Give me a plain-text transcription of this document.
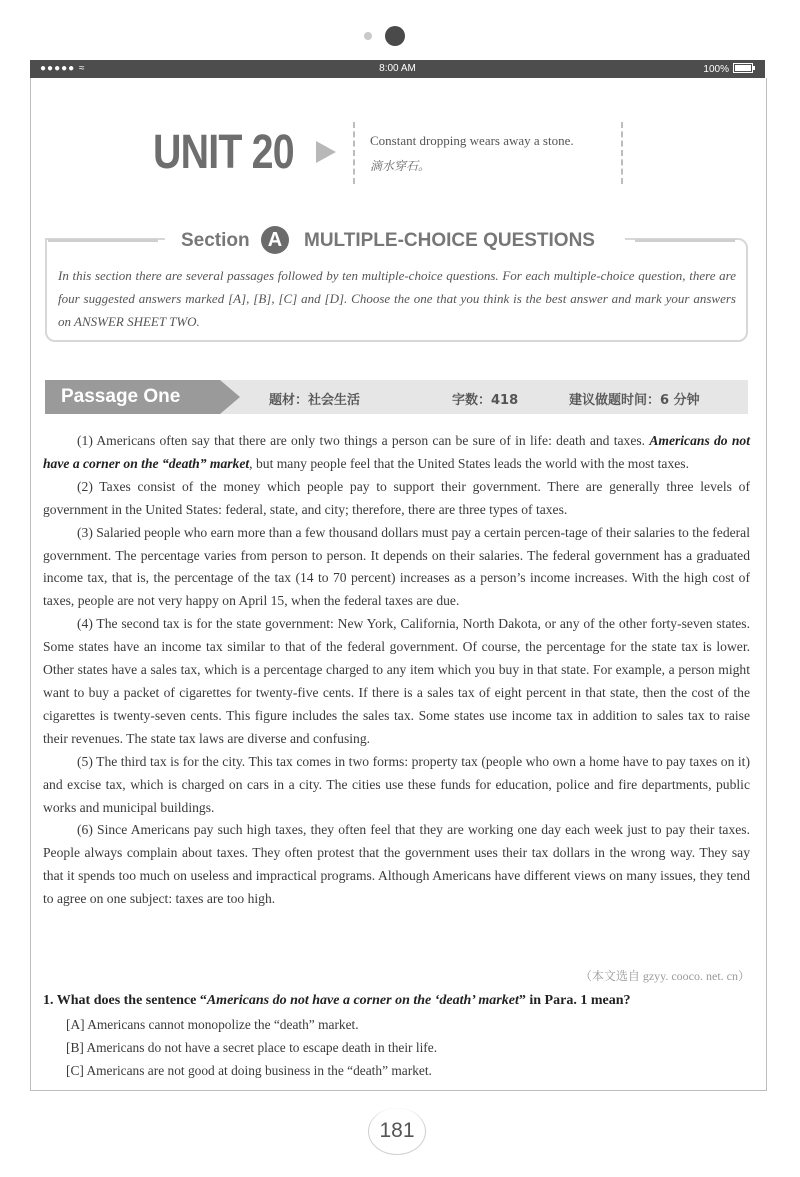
●●●●● ≈	8:00 AM	100%
UNIT 20	Constant dropping wears away a stone.
滴水穿石。
Section A	MULTIPLE-CHOICE QUESTIONS
In this section there are several passages followed by ten multiple-choice questions. For each multiple-choice question, there are four suggested answers marked [A], [B], [C] and [D]. Choose the one that you think is the best answer and mark your answers on ANSWER SHEET TWO.
Passage One	题材：社会生活	字数：418	建议做题时间：6 分钟

(1) Americans often say that there are only two things a person can be sure of in life: death and taxes. Americans do not have a corner on the “death” market, but many people feel that the United States leads the world with the most taxes.

(2) Taxes consist of the money which people pay to support their government. There are generally three levels of government in the United States: federal, state, and city; therefore, there are three types of taxes.

(3) Salaried people who earn more than a few thousand dollars must pay a certain percen-tage of their salaries to the federal government. The percentage varies from person to person. It depends on their salaries. The federal government has a graduated income tax, that is, the percentage of the tax (14 to 70 percent) increases as a person’s income increases. With the high cost of taxes, people are not very happy on April 15, when the federal taxes are due.

(4) The second tax is for the state government: New York, California, North Dakota, or any of the other forty-seven states. Some states have an income tax similar to that of the federal government. Of course, the percentage for the state tax is lower. Other states have a sales tax, which is a percentage charged to any item which you buy in that state. For example, a person might want to buy a packet of cigarettes for twenty-five cents. If there is a sales tax of eight percent in that state, then the cost of the cigarettes is twenty-seven cents. This figure includes the sales tax. Some states use income tax in addition to sales tax to raise their revenues. The state tax laws are diverse and confusing.

(5) The third tax is for the city. This tax comes in two forms: property tax (people who own a home have to pay taxes on it) and excise tax, which is charged on cars in a city. The cities use these funds for education, police and fire departments, public works and municipal buildings.

(6) Since Americans pay such high taxes, they often feel that they are working one day each week just to pay their taxes. People always complain about taxes. They often protest that the government uses their tax dollars in the wrong way. They say that it spends too much on useless and impractical programs. Although Americans have different views on many issues, they tend to agree on one subject: taxes are too high.

（本文选自 gzyy. cooco. net. cn）
1. What does the sentence “Americans do not have a corner on the ‘death’ market” in Para. 1 mean?
[A] Americans cannot monopolize the “death” market.
[B] Americans do not have a secret place to escape death in their life.
[C] Americans are not good at doing business in the “death” market.
181
